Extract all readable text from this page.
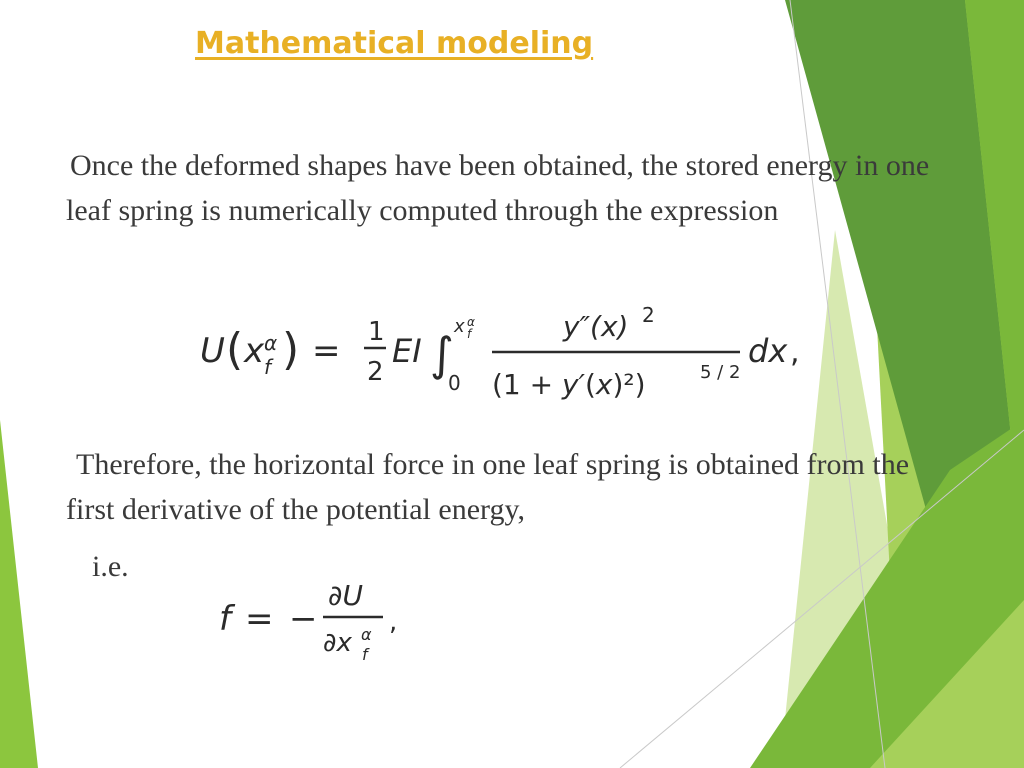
Mathematical modeling
Once the deformed shapes have been obtained, the stored energy in one leaf spring is numerically computed through the expression
U ( x α
f ) = 1
2
EI ∫
0
x α
f	y″(x) 2
(1 + y′(x)²)	5 / 2
dx ,
Therefore, the horizontal force in one leaf spring is obtained from the first derivative of the potential energy,
i.e.
f = −
∂U
∂x α
f
,
